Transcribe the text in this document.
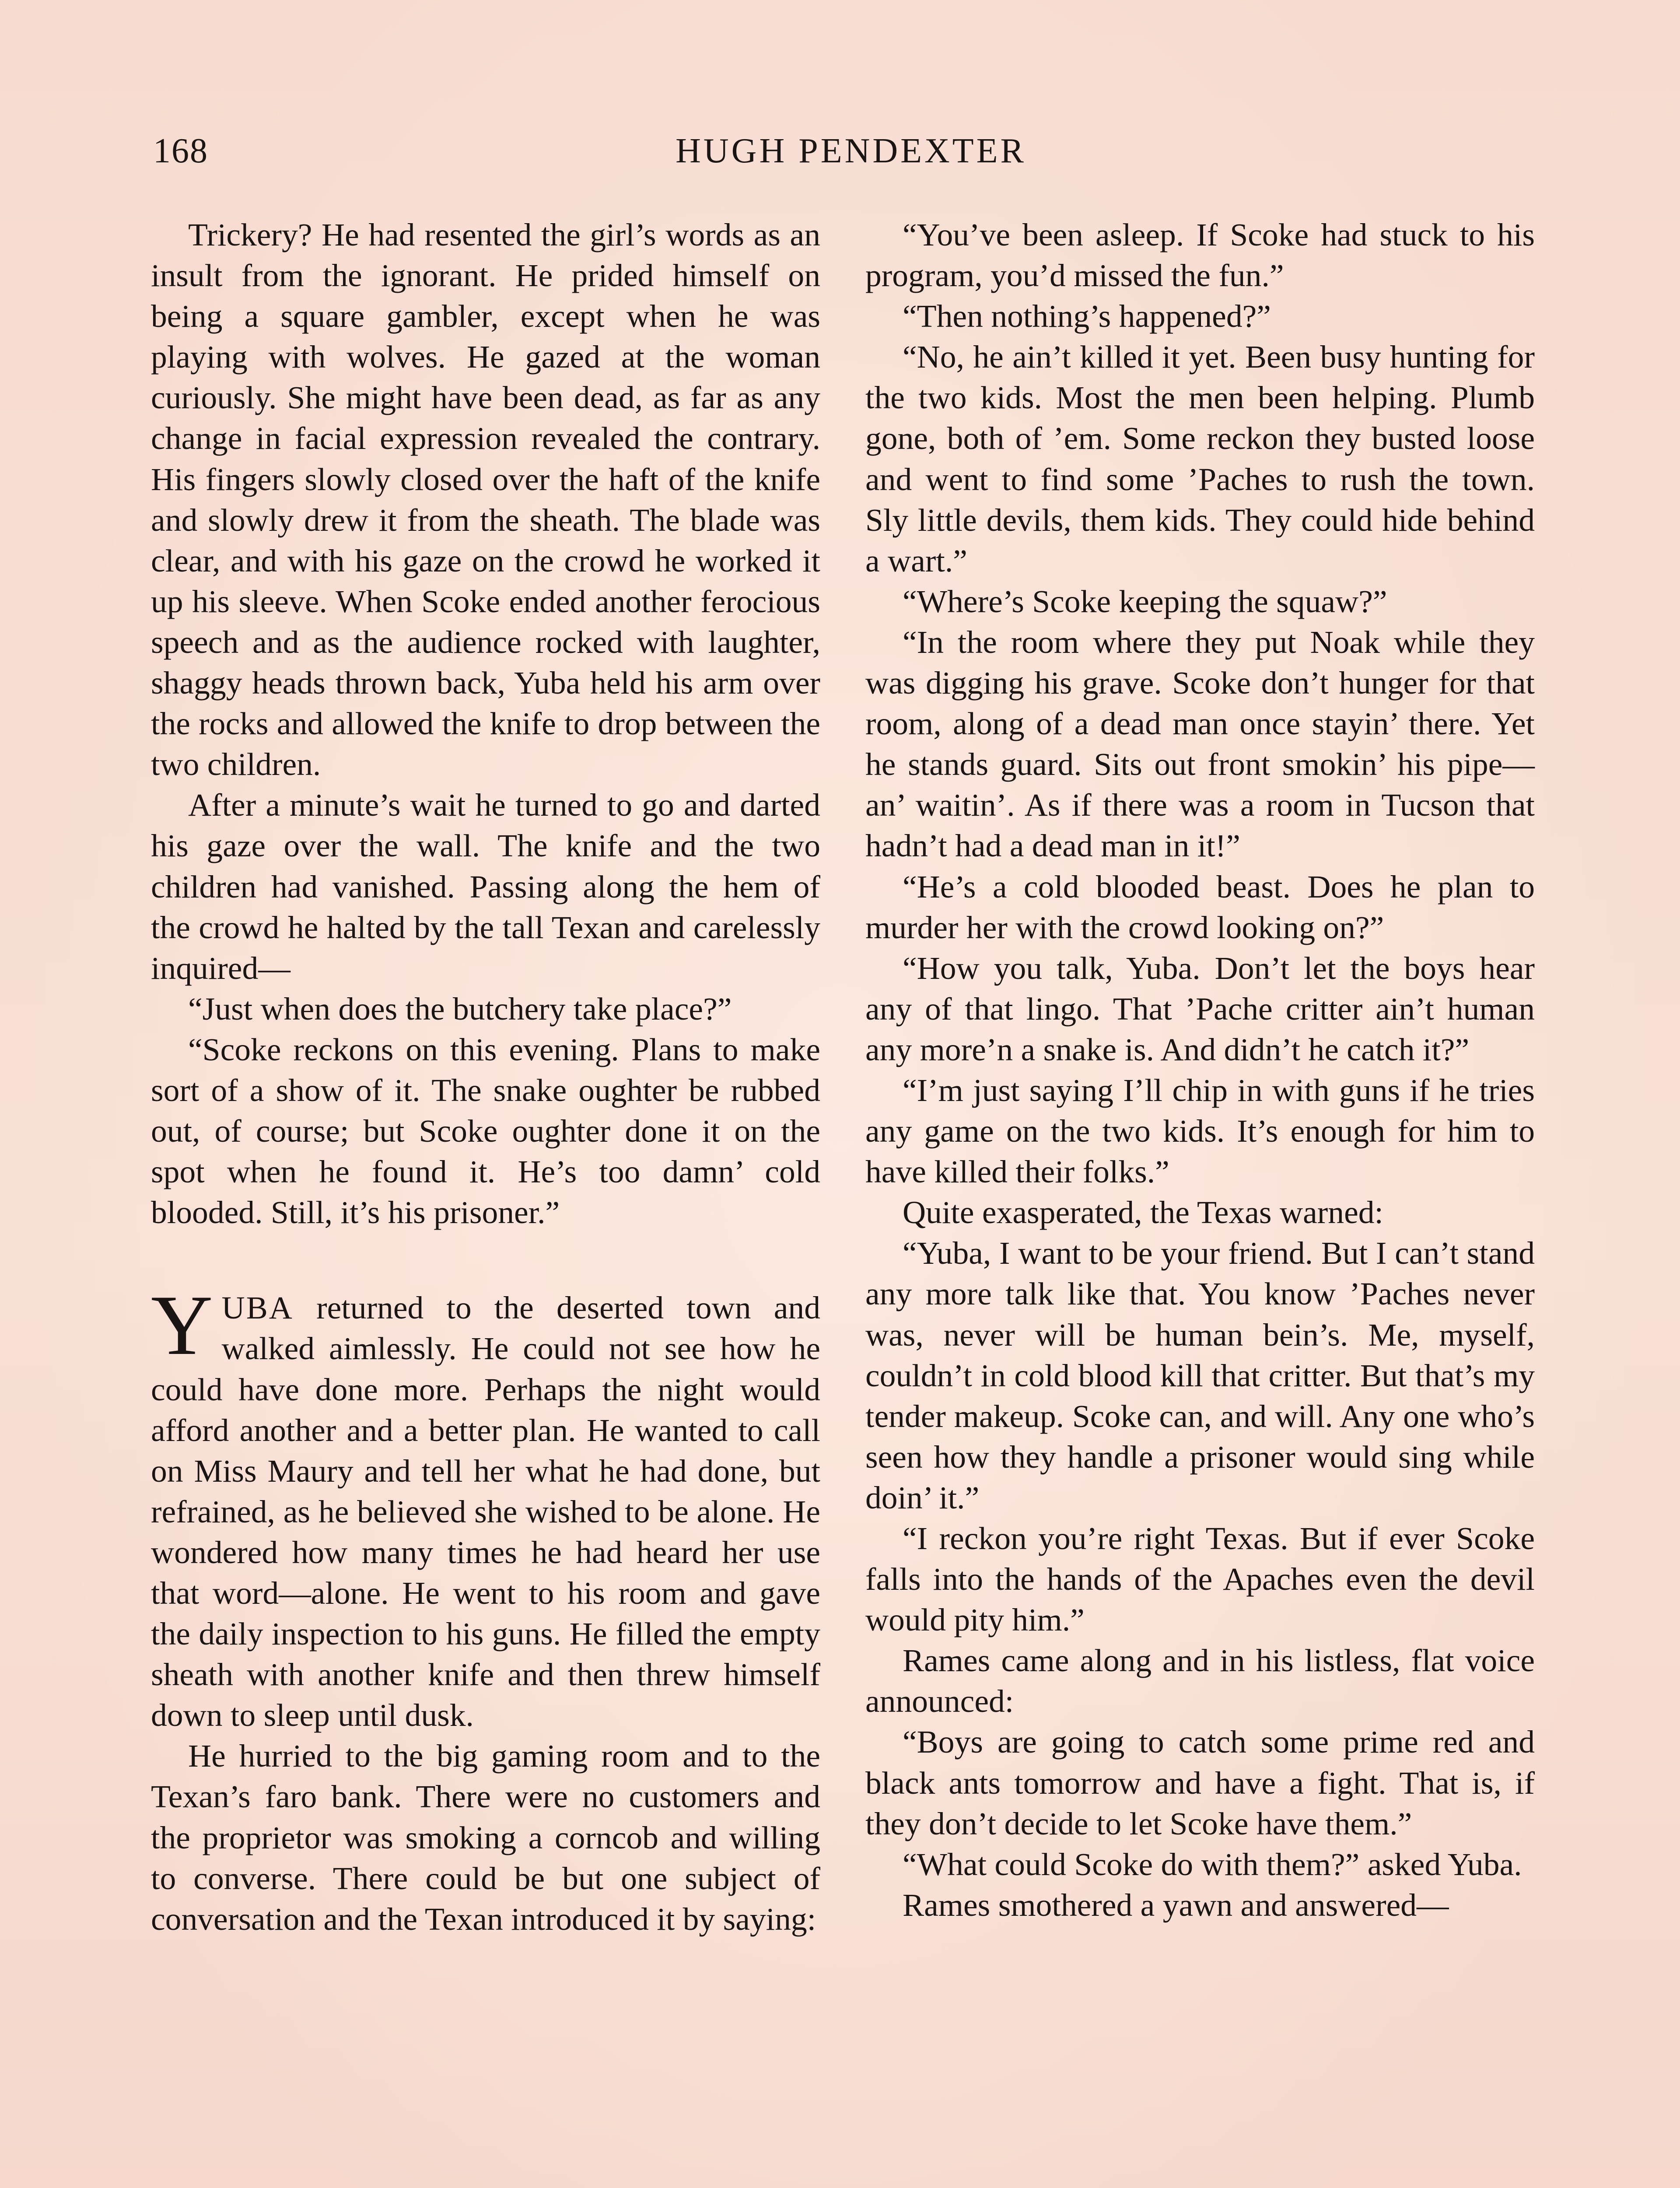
168	HUGH PENDEXTER

Trickery? He had resented the girl’s words as an insult from the ignorant. He prided himself on being a square gambler, except when he was playing with wolves. He gazed at the woman curiously. She might have been dead, as far as any change in facial expression revealed the contrary. His fingers slowly closed over the haft of the knife and slowly drew it from the sheath. The blade was clear, and with his gaze on the crowd he worked it up his sleeve. When Scoke ended another ferocious speech and as the audience rocked with laughter, shaggy heads thrown back, Yuba held his arm over the rocks and allowed the knife to drop between the two children.

After a minute’s wait he turned to go and darted his gaze over the wall. The knife and the two children had vanished. Passing along the hem of the crowd he halted by the tall Texan and carelessly inquired—

“Just when does the butchery take place?”

“Scoke reckons on this evening. Plans to make sort of a show of it. The snake oughter be rubbed out, of course; but Scoke oughter done it on the spot when he found it. He’s too damn’ cold blooded. Still, it’s his prisoner.”

YUBA returned to the deserted town and walked aimlessly. He could not see how he could have done more. Perhaps the night would afford another and a better plan. He wanted to call on Miss Maury and tell her what he had done, but refrained, as he believed she wished to be alone. He wondered how many times he had heard her use that word—alone. He went to his room and gave the daily inspection to his guns. He filled the empty sheath with another knife and then threw himself down to sleep until dusk.

He hurried to the big gaming room and to the Texan’s faro bank. There were no customers and the proprietor was smoking a corncob and willing to converse. There could be but one subject of conversation and the Texan introduced it by saying:

“You’ve been asleep. If Scoke had stuck to his program, you’d missed the fun.”

“Then nothing’s happened?”

“No, he ain’t killed it yet. Been busy hunting for the two kids. Most the men been helping. Plumb gone, both of ’em. Some reckon they busted loose and went to find some ’Paches to rush the town. Sly little devils, them kids. They could hide behind a wart.”

“Where’s Scoke keeping the squaw?”

“In the room where they put Noak while they was digging his grave. Scoke don’t hunger for that room, along of a dead man once stayin’ there. Yet he stands guard. Sits out front smokin’ his pipe—an’ waitin’. As if there was a room in Tucson that hadn’t had a dead man in it!”

“He’s a cold blooded beast. Does he plan to murder her with the crowd looking on?”

“How you talk, Yuba. Don’t let the boys hear any of that lingo. That ’Pache critter ain’t human any more’n a snake is. And didn’t he catch it?”

“I’m just saying I’ll chip in with guns if he tries any game on the two kids. It’s enough for him to have killed their folks.”

Quite exasperated, the Texas warned:

“Yuba, I want to be your friend. But I can’t stand any more talk like that. You know ’Paches never was, never will be human bein’s. Me, myself, couldn’t in cold blood kill that critter. But that’s my tender makeup. Scoke can, and will. Any one who’s seen how they handle a prisoner would sing while doin’ it.”

“I reckon you’re right Texas. But if ever Scoke falls into the hands of the Apaches even the devil would pity him.”

Rames came along and in his listless, flat voice announced:

“Boys are going to catch some prime red and black ants tomorrow and have a fight. That is, if they don’t decide to let Scoke have them.”

“What could Scoke do with them?” asked Yuba.

Rames smothered a yawn and answered—
